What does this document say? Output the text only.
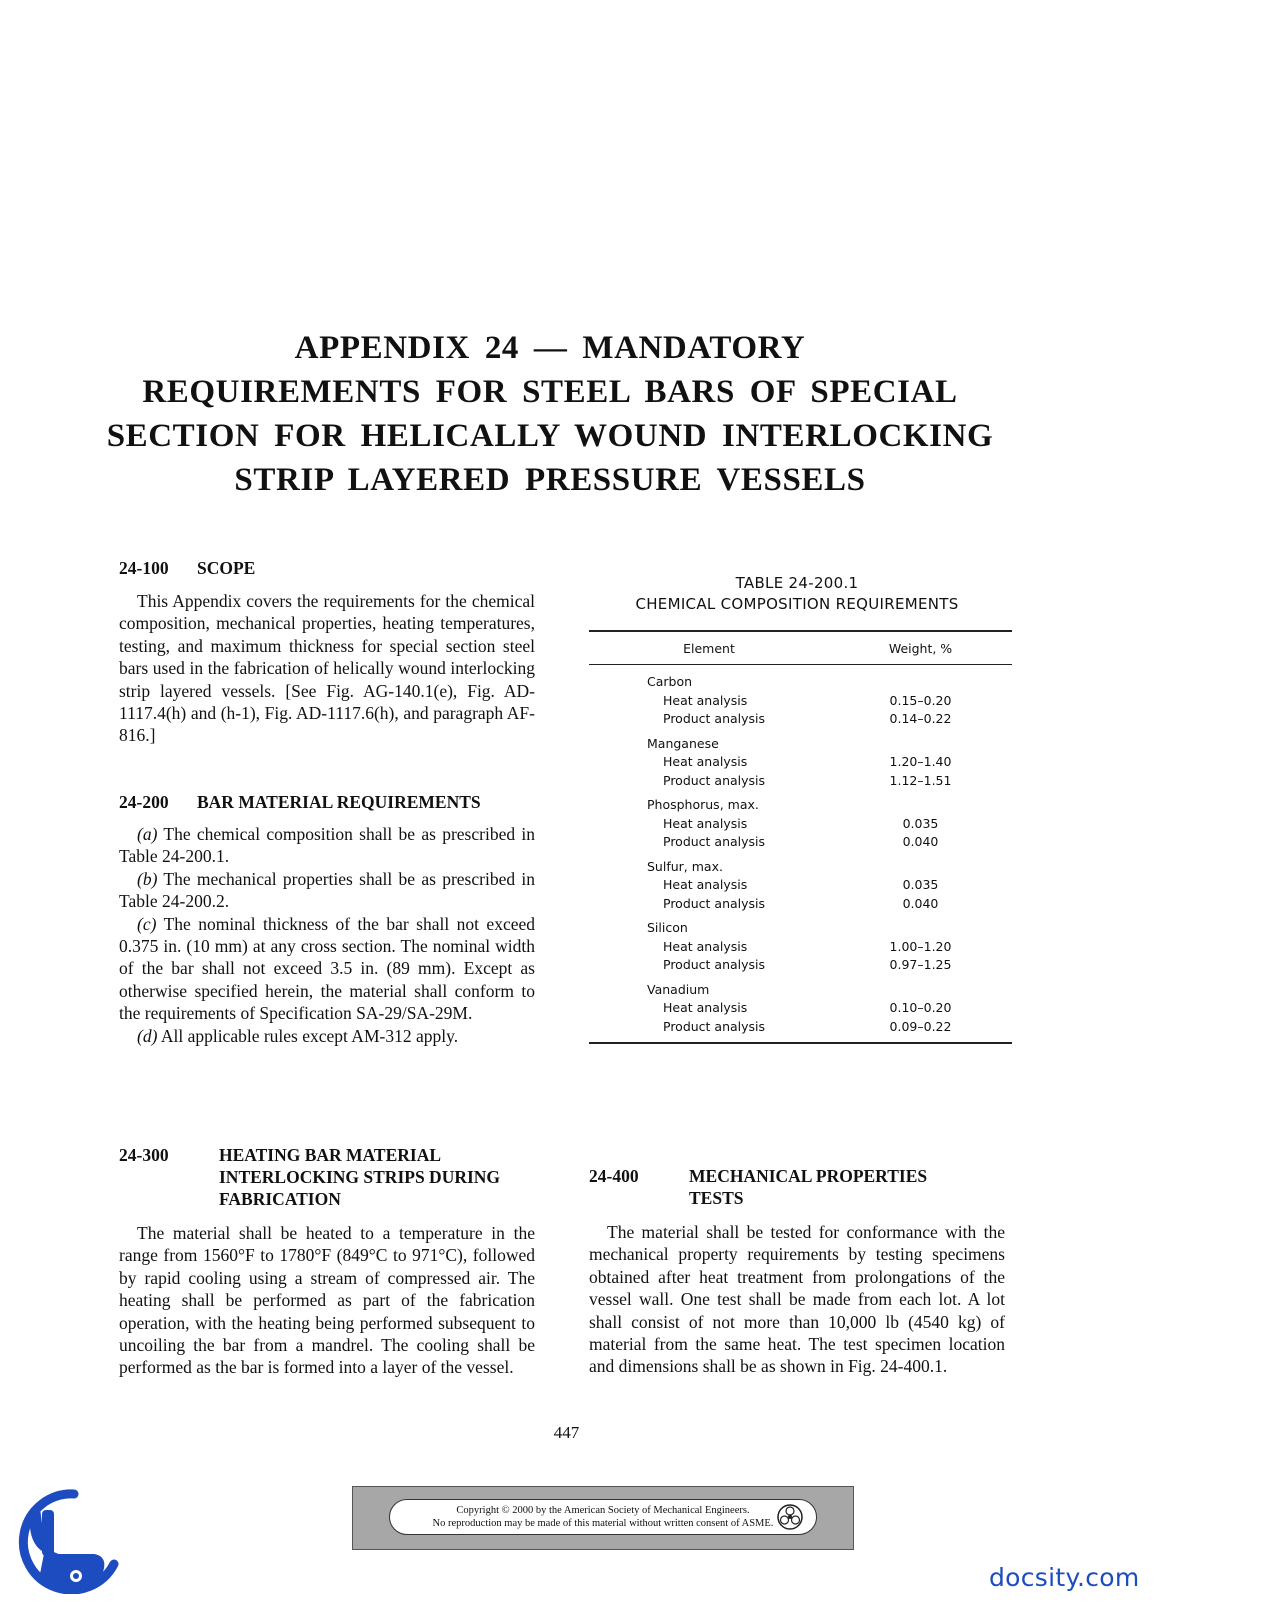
APPENDIX 24 — MANDATORY
REQUIREMENTS FOR STEEL BARS OF SPECIAL
SECTION FOR HELICALLY WOUND INTERLOCKING
STRIP LAYERED PRESSURE VESSELS
24-100	SCOPE

This Appendix covers the requirements for the chemical composition, mechanical properties, heating temperatures, testing, and maximum thickness for special section steel bars used in the fabrication of helically wound interlocking strip layered vessels. [See Fig. AG-140.1(e), Fig. AD-1117.4(h) and (h-1), Fig. AD-1117.6(h), and paragraph AF-816.]

24-200	BAR MATERIAL REQUIREMENTS

(a) The chemical composition shall be as prescribed in Table 24-200.1.

(b) The mechanical properties shall be as prescribed in Table 24-200.2.

(c) The nominal thickness of the bar shall not exceed 0.375 in. (10 mm) at any cross section. The nominal width of the bar shall not exceed 3.5 in. (89 mm). Except as otherwise specified herein, the material shall conform to the requirements of Specification SA-29/SA-29M.

(d) All applicable rules except AM-312 apply.

24-300	HEATING BAR MATERIAL
INTERLOCKING STRIPS DURING
FABRICATION

The material shall be heated to a temperature in the range from 1560°F to 1780°F (849°C to 971°C), followed by rapid cooling using a stream of compressed air. The heating shall be performed as part of the fabrication operation, with the heating being performed subsequent to uncoiling the bar from a mandrel. The cooling shall be performed as the bar is formed into a layer of the vessel.

TABLE 24-200.1
CHEMICAL COMPOSITION REQUIREMENTS
Element	Weight, %
Carbon
Heat analysis	0.15–0.20
Product analysis	0.14–0.22
Manganese
Heat analysis	1.20–1.40
Product analysis	1.12–1.51
Phosphorus, max.
Heat analysis	0.035
Product analysis	0.040
Sulfur, max.
Heat analysis	0.035
Product analysis	0.040
Silicon
Heat analysis	1.00–1.20
Product analysis	0.97–1.25
Vanadium
Heat analysis	0.10–0.20
Product analysis	0.09–0.22
24-400	MECHANICAL PROPERTIES
TESTS

The material shall be tested for conformance with the mechanical property requirements by testing specimens obtained after heat treatment from prolongations of the vessel wall. One test shall be made from each lot. A lot shall consist of not more than 10,000 lb (4540 kg) of material from the same heat. The test specimen location and dimensions shall be as shown in Fig. 24-400.1.

447
Copyright © 2000 by the American Society of Mechanical Engineers.
No reproduction may be made of this material without written consent of ASME.
docsity.com
